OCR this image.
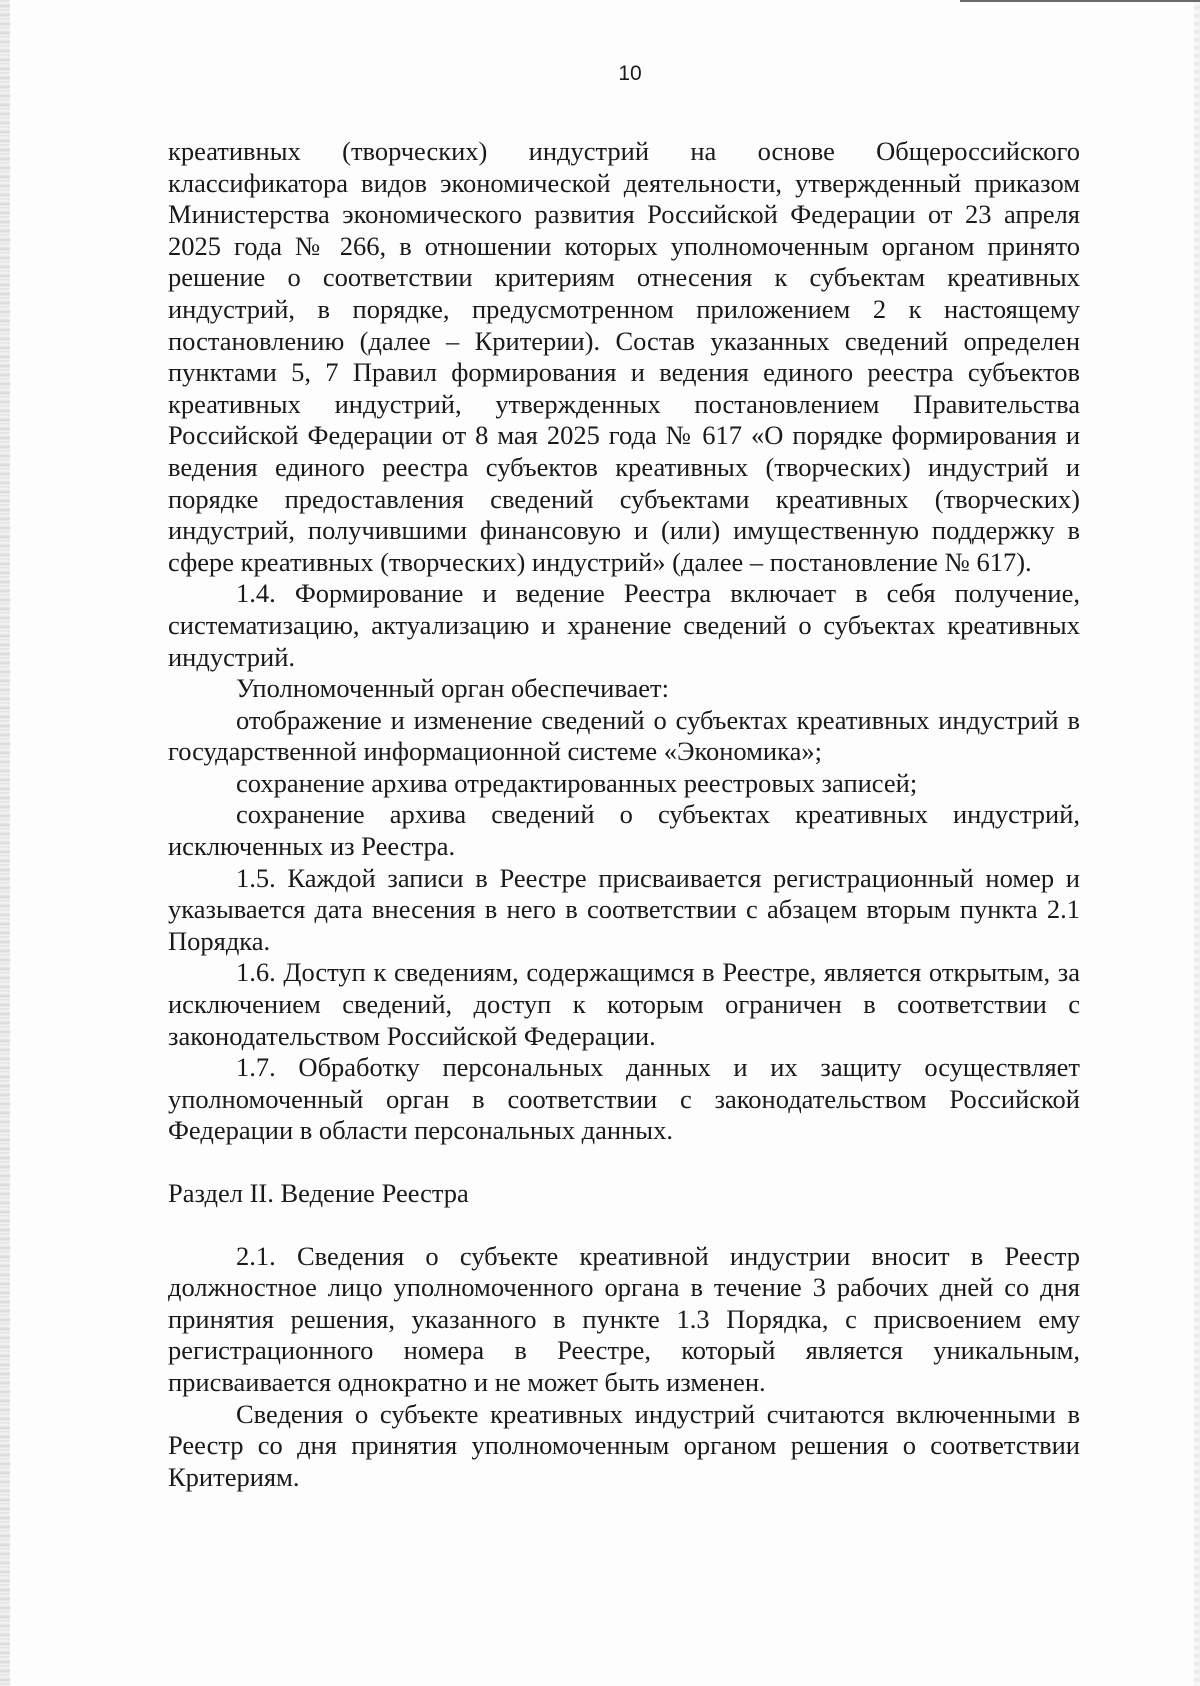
10

креативных (творческих) индустрий на основе Общероссийского классификатора видов экономической деятельности, утвержденный приказом Министерства экономического развития Российской Федерации от 23 апреля 2025 года № 266, в отношении которых уполномоченным органом принято решение о соответствии критериям отнесения к субъектам креативных индустрий, в порядке, предусмотренном приложением 2 к настоящему постановлению (далее – Критерии). Состав указанных сведений определен пунктами 5, 7 Правил формирования и ведения единого реестра субъектов креативных индустрий, утвержденных постановлением Правительства Российской Федерации от 8 мая 2025 года № 617 «О порядке формирования и ведения единого реестра субъектов креативных (творческих) индустрий и порядке предоставления сведений субъектами креативных (творческих) индустрий, получившими финансовую и (или) имущественную поддержку в сфере креативных (творческих) индустрий» (далее – постановление № 617).

1.4. Формирование и ведение Реестра включает в себя получение, систематизацию, актуализацию и хранение сведений о субъектах креативных индустрий.

Уполномоченный орган обеспечивает:

отображение и изменение сведений о субъектах креативных индустрий в государственной информационной системе «Экономика»;

сохранение архива отредактированных реестровых записей;

сохранение архива сведений о субъектах креативных индустрий, исключенных из Реестра.

1.5. Каждой записи в Реестре присваивается регистрационный номер и указывается дата внесения в него в соответствии с абзацем вторым пункта 2.1 Порядка.

1.6. Доступ к сведениям, содержащимся в Реестре, является открытым, за исключением сведений, доступ к которым ограничен в соответствии с законодательством Российской Федерации.

1.7. Обработку персональных данных и их защиту осуществляет уполномоченный орган в соответствии с законодательством Российской Федерации в области персональных данных.

Раздел II. Ведение Реестра

2.1. Сведения о субъекте креативной индустрии вносит в Реестр должностное лицо уполномоченного органа в течение 3 рабочих дней со дня принятия решения, указанного в пункте 1.3 Порядка, с присвоением ему регистрационного номера в Реестре, который является уникальным, присваивается однократно и не может быть изменен.

Сведения о субъекте креативных индустрий считаются включенными в Реестр со дня принятия уполномоченным органом решения о соответствии Критериям.
